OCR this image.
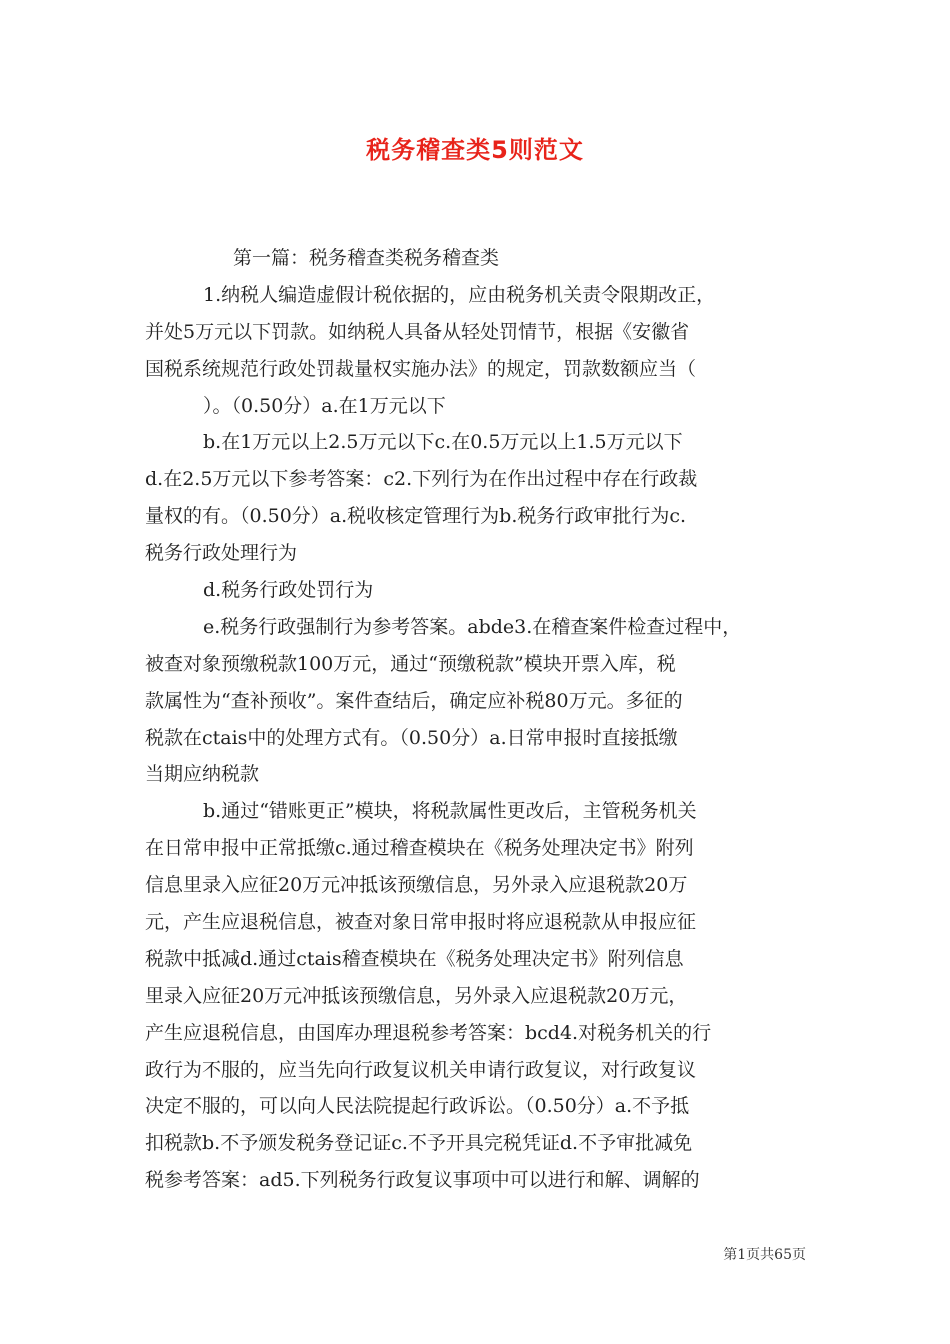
税务稽查类5则范文
第一篇：税务稽查类税务稽查类
1.纳税人编造虚假计税依据的，应由税务机关责令限期改正，
并处5万元以下罚款。如纳税人具备从轻处罚情节，根据《安徽省
国税系统规范行政处罚裁量权实施办法》的规定，罚款数额应当（
）。（0.50分）a.在1万元以下
b.在1万元以上2.5万元以下c.在0.5万元以上1.5万元以下
d.在2.5万元以下参考答案：c2.下列行为在作出过程中存在行政裁
量权的有。（0.50分）a.税收核定管理行为b.税务行政审批行为c.
税务行政处理行为
d.税务行政处罚行为
e.税务行政强制行为参考答案。abde3.在稽查案件检查过程中，
被查对象预缴税款100万元，通过“预缴税款”模块开票入库，税
款属性为“查补预收”。案件查结后，确定应补税80万元。多征的
税款在ctais中的处理方式有。（0.50分）a.日常申报时直接抵缴
当期应纳税款
b.通过“错账更正”模块，将税款属性更改后，主管税务机关
在日常申报中正常抵缴c.通过稽查模块在《税务处理决定书》附列
信息里录入应征20万元冲抵该预缴信息，另外录入应退税款20万
元，产生应退税信息，被查对象日常申报时将应退税款从申报应征
税款中抵减d.通过ctais稽查模块在《税务处理决定书》附列信息
里录入应征20万元冲抵该预缴信息，另外录入应退税款20万元，
产生应退税信息，由国库办理退税参考答案：bcd4.对税务机关的行
政行为不服的，应当先向行政复议机关申请行政复议，对行政复议
决定不服的，可以向人民法院提起行政诉讼。（0.50分）a.不予抵
扣税款b.不予颁发税务登记证c.不予开具完税凭证d.不予审批减免
税参考答案：ad5.下列税务行政复议事项中可以进行和解、调解的
第1页共65页
